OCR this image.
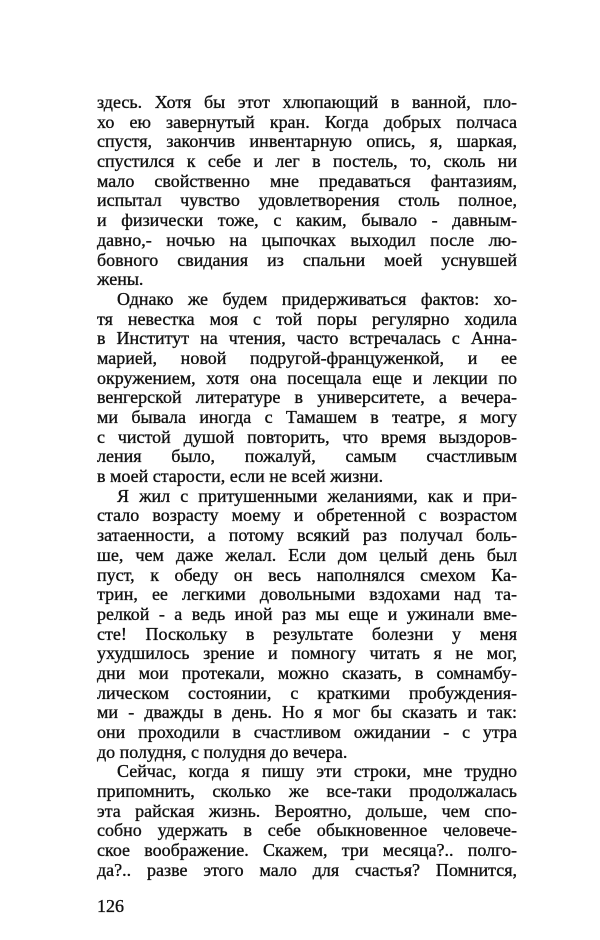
здесь. Хотя бы этот хлюпающий в ванной, пло-
хо ею завернутый кран. Когда добрых полчаса
спустя, закончив инвентарную опись, я, шаркая,
спустился к себе и лег в постель, то, сколь ни
мало свойственно мне предаваться фантазиям,
испытал чувство удовлетворения столь полное,
и физически тоже, с каким, бывало - давным-
давно,- ночью на цыпочках выходил после лю-
бовного свидания из спальни моей уснувшей
жены.
Однако же будем придерживаться фактов: хо-
тя невестка моя с той поры регулярно ходила
в Институт на чтения, часто встречалась с Анна-
марией, новой подругой-француженкой, и ее
окружением, хотя она посещала еще и лекции по
венгерской литературе в университете, а вечера-
ми бывала иногда с Тамашем в театре, я могу
с чистой душой повторить, что время выздоров-
ления было, пожалуй, самым счастливым
в моей старости, если не всей жизни.
Я жил с притушенными желаниями, как и при-
стало возрасту моему и обретенной с возрастом
затаенности, а потому всякий раз получал боль-
ше, чем даже желал. Если дом целый день был
пуст, к обеду он весь наполнялся смехом Ка-
трин, ее легкими довольными вздохами над та-
релкой - а ведь иной раз мы еще и ужинали вме-
сте! Поскольку в результате болезни у меня
ухудшилось зрение и помногу читать я не мог,
дни мои протекали, можно сказать, в сомнамбу-
лическом состоянии, с краткими пробуждения-
ми - дважды в день. Но я мог бы сказать и так:
они проходили в счастливом ожидании - с утра
до полудня, с полудня до вечера.
Сейчас, когда я пишу эти строки, мне трудно
припомнить, сколько же все-таки продолжалась
эта райская жизнь. Вероятно, дольше, чем спо-
собно удержать в себе обыкновенное человече-
ское воображение. Скажем, три месяца?.. полго-
да?.. разве этого мало для счастья? Помнится,
126
